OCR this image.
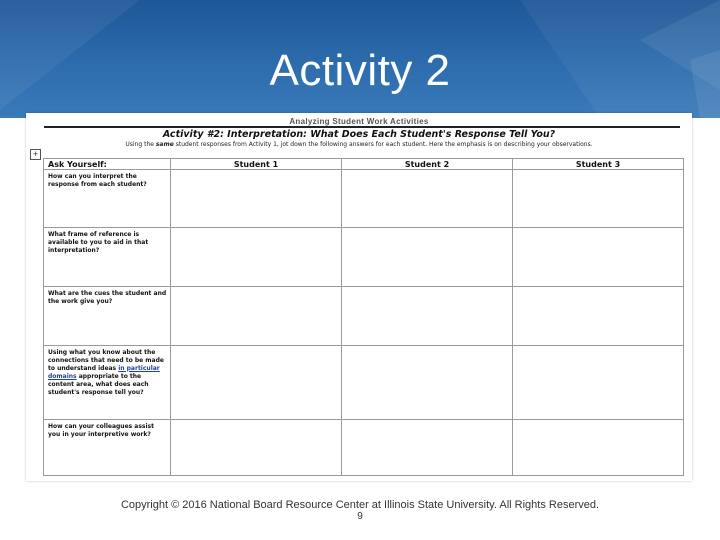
Activity 2
Analyzing Student Work Activities
Activity #2: Interpretation: What Does Each Student's Response Tell You?
Using the same student responses from Activity 1, jot down the following answers for each student. Here the emphasis is on describing your observations.
+
Ask Yourself:	Student 1	Student 2	Student 3
How can you interpret the response from each student?			
What frame of reference is available to you to aid in that interpretation?			
What are the cues the student and the work give you?			
Using what you know about the connections that need to be made to understand ideas in particular domains appropriate to the content area, what does each student's response tell you?			
How can your colleagues assist you in your interpretive work?			
Copyright © 2016 National Board Resource Center at Illinois State University. All Rights Reserved.
9
